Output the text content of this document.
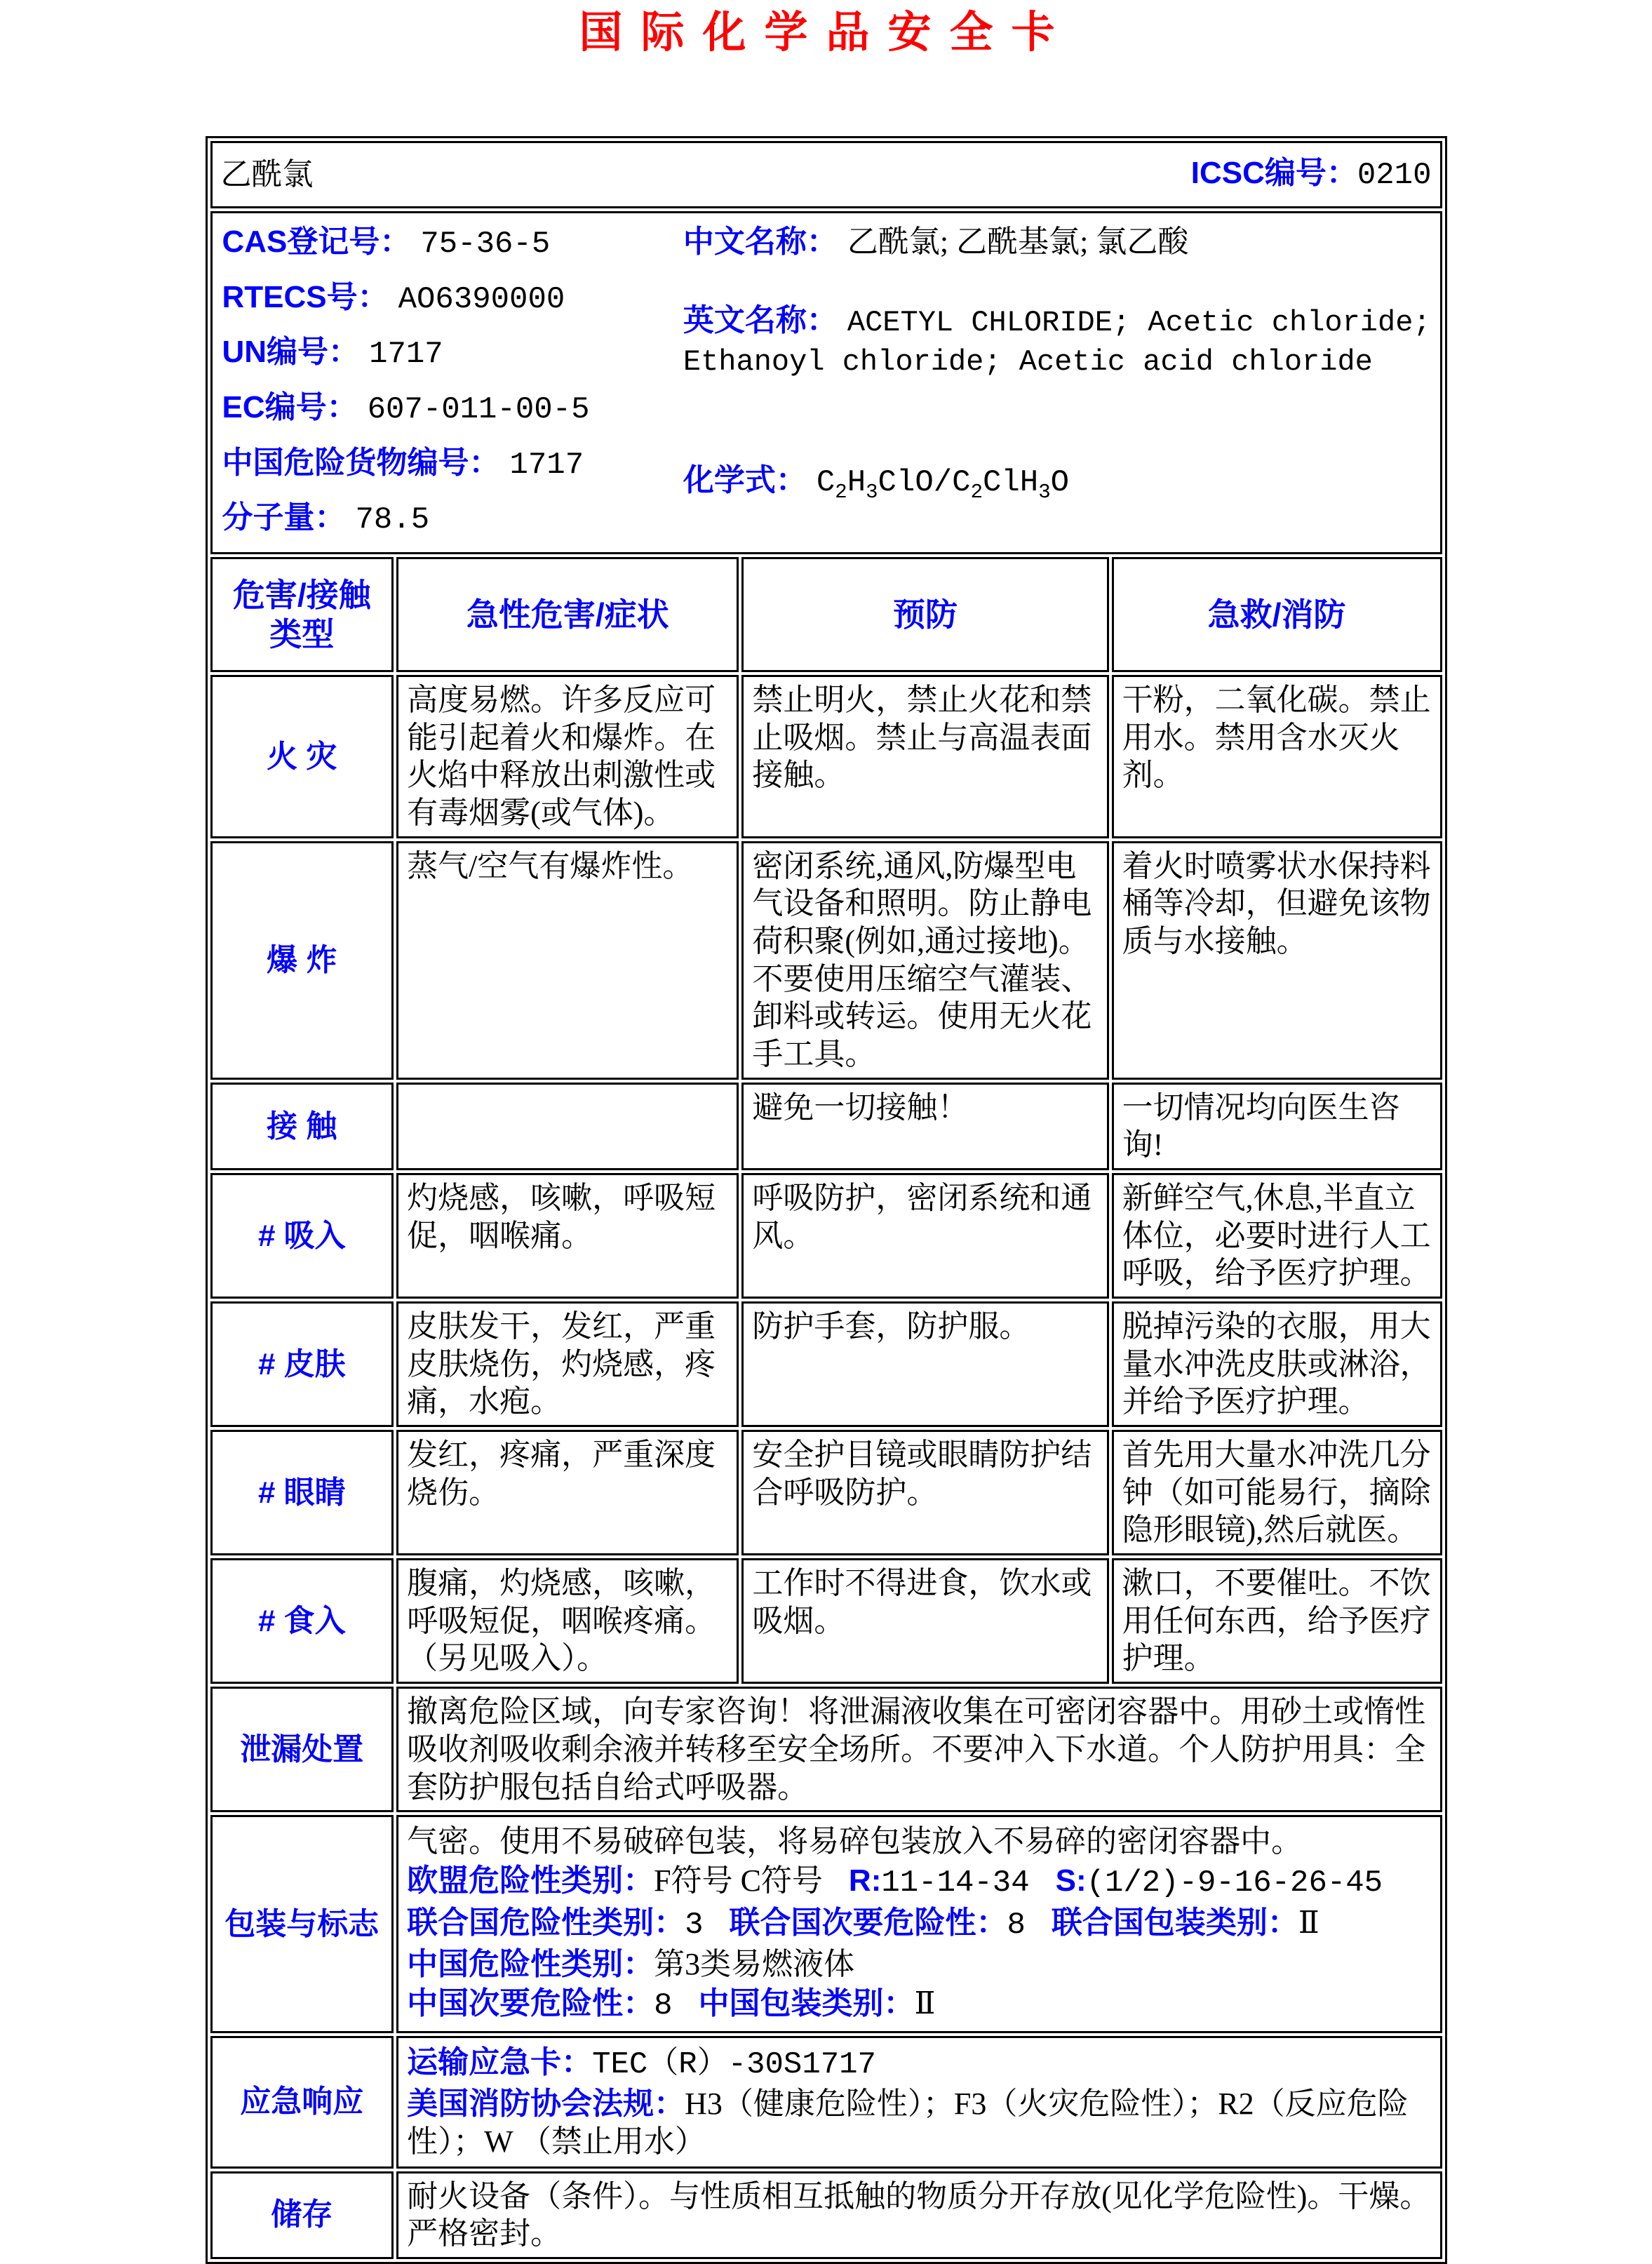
国际化学品安全卡
乙酰氯 ICSC编号：0210			

CAS登记号： 75-36-5
RTECS号： AO6390000
UN编号： 1717
EC编号： 607-011-00-5
中国危险货物编号： 1717
分子量： 78.5
中文名称： 乙酰氯; 乙酰基氯; 氯乙酸
英文名称： ACETYL CHLORIDE; Acetic chloride; Ethanoyl chloride; Acetic acid chloride
化学式： $C_2H_3ClO/C_2ClH_3O$

危害/接触类型	急性危害/症状	预防	急救/消防
火 灾	高度易燃。许多反应可能引起着火和爆炸。在火焰中释放出刺激性或有毒烟雾(或气体)。	禁止明火，禁止火花和禁止吸烟。禁止与高温表面接触。	干粉，二氧化碳。禁止用水。禁用含水灭火剂。
爆 炸	蒸气/空气有爆炸性。	密闭系统,通风,防爆型电气设备和照明。防止静电荷积聚(例如,通过接地)。不要使用压缩空气灌装、卸料或转运。使用无火花手工具。	着火时喷雾状水保持料桶等冷却，但避免该物质与水接触。
接 触		避免一切接触！	一切情况均向医生咨询!
# 吸入	灼烧感，咳嗽，呼吸短促，咽喉痛。	呼吸防护，密闭系统和通风。	新鲜空气,休息,半直立体位，必要时进行人工呼吸，给予医疗护理。
# 皮肤	皮肤发干，发红，严重皮肤烧伤，灼烧感，疼痛，水疱。	防护手套，防护服。	脱掉污染的衣服，用大量水冲洗皮肤或淋浴，并给予医疗护理。
# 眼睛	发红，疼痛，严重深度烧伤。	安全护目镜或眼睛防护结合呼吸防护。	首先用大量水冲洗几分钟（如可能易行，摘除隐形眼镜),然后就医。
# 食入	腹痛，灼烧感，咳嗽，呼吸短促，咽喉疼痛。（另见吸入）。	工作时不得进食，饮水或吸烟。	漱口，不要催吐。不饮用任何东西，给予医疗护理。
泄漏处置	撤离危险区域，向专家咨询！将泄漏液收集在可密闭容器中。用砂土或惰性吸收剂吸收剩余液并转移至安全场所。不要冲入下水道。个人防护用具：全套防护服包括自给式呼吸器。		
包装与标志	气密。使用不易破碎包装，将易碎包装放入不易碎的密闭容器中。
欧盟危险性类别：F符号 C符号 R:11-14-34 S:(1/2)-9-16-26-45
联合国危险性类别：3 联合国次要危险性：8 联合国包装类别：Ⅱ
中国危险性类别：第3类易燃液体
中国次要危险性：8 中国包装类别：Ⅱ		

应急响应	运输应急卡：TEC（R）-30S1717
美国消防协会法规：H3（健康危险性）；F3（火灾危险性）；R2（反应危险性）；W （禁止用水）		

储存	耐火设备（条件）。与性质相互抵触的物质分开存放(见化学危险性)。干燥。严格密封。		
